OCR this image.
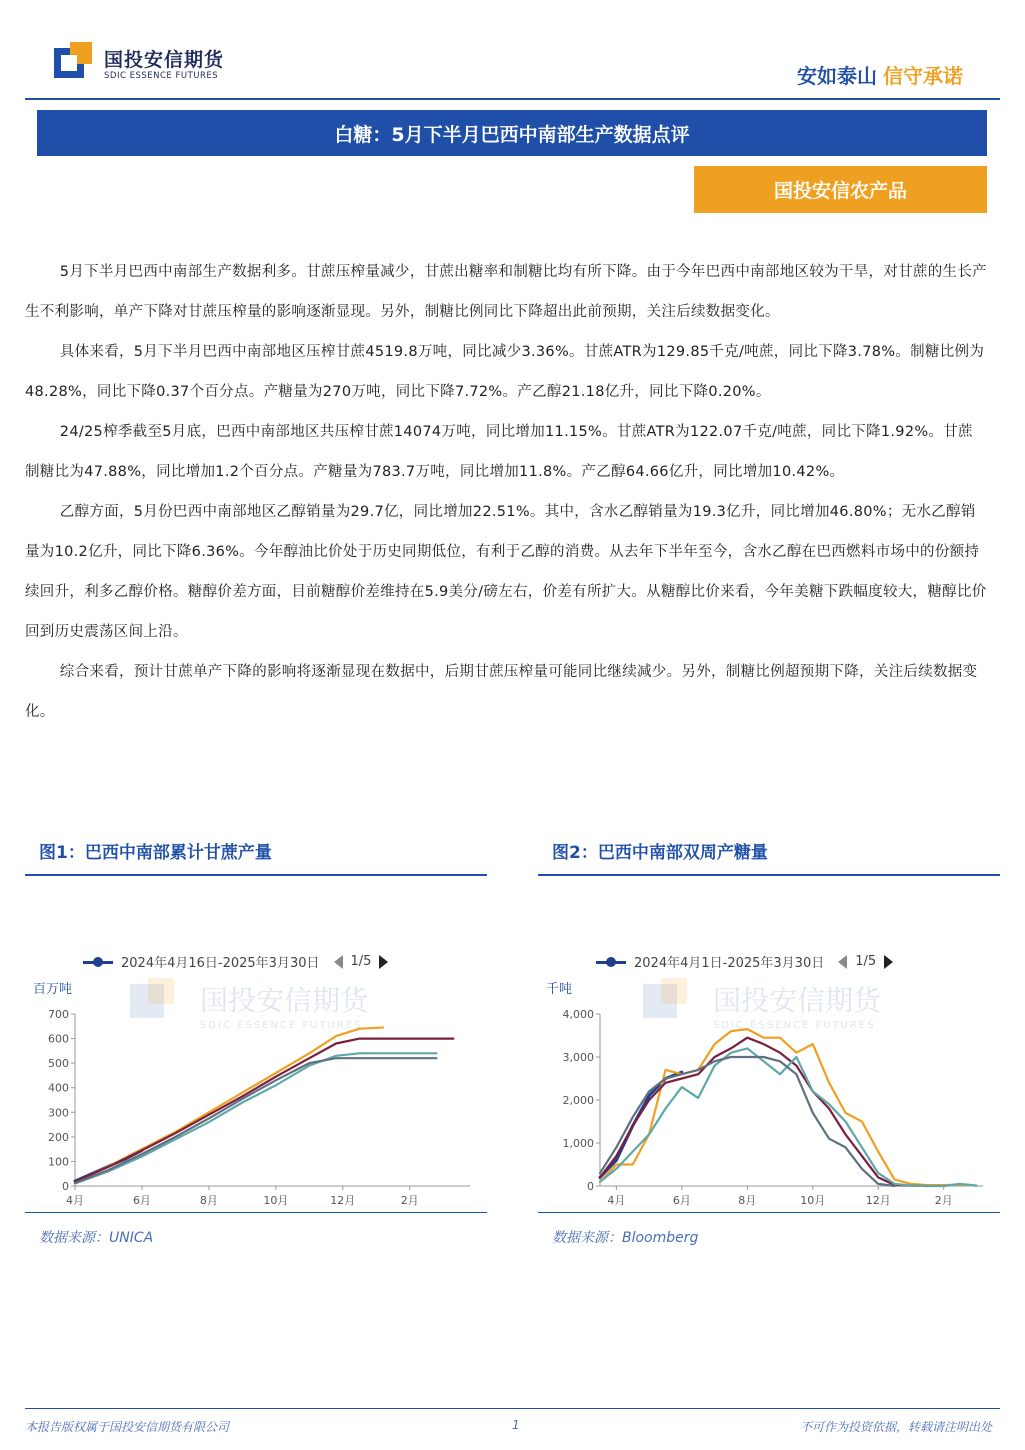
国投安信期货
SDIC ESSENCE FUTURES	安如泰山 信守承诺
白糖：5月下半月巴西中南部生产数据点评
国投安信农产品

5月下半月巴西中南部生产数据利多。甘蔗压榨量减少，甘蔗出糖率和制糖比均有所下降。由于今年巴西中南部地区较为干旱，对甘蔗的生长产生不利影响，单产下降对甘蔗压榨量的影响逐渐显现。另外，制糖比例同比下降超出此前预期，关注后续数据变化。

具体来看，5月下半月巴西中南部地区压榨甘蔗4519.8万吨，同比减少3.36%。甘蔗ATR为129.85千克/吨蔗，同比下降3.78%。制糖比例为48.28%，同比下降0.37个百分点。产糖量为270万吨，同比下降7.72%。产乙醇21.18亿升，同比下降0.20%。

24/25榨季截至5月底，巴西中南部地区共压榨甘蔗14074万吨，同比增加11.15%。甘蔗ATR为122.07千克/吨蔗，同比下降1.92%。甘蔗制糖比为47.88%，同比增加1.2个百分点。产糖量为783.7万吨，同比增加11.8%。产乙醇64.66亿升，同比增加10.42%。

乙醇方面，5月份巴西中南部地区乙醇销量为29.7亿，同比增加22.51%。其中，含水乙醇销量为19.3亿升，同比增加46.80%；无水乙醇销量为10.2亿升，同比下降6.36%。今年醇油比价处于历史同期低位，有利于乙醇的消费。从去年下半年至今，含水乙醇在巴西燃料市场中的份额持续回升，利多乙醇价格。糖醇价差方面，目前糖醇价差维持在5.9美分/磅左右，价差有所扩大。从糖醇比价来看，今年美糖下跌幅度较大，糖醇比价回到历史震荡区间上沿。

综合来看，预计甘蔗单产下降的影响将逐渐显现在数据中，后期甘蔗压榨量可能同比继续减少。另外，制糖比例超预期下降，关注后续数据变化。

图1：巴西中南部累计甘蔗产量
国投安信期货
SDIC ESSENCE FUTURES
2024年4月16日-2025年3月30日 1/5
百万吨
0
100
200
300
400
500
600
700
4月	6月	8月	10月	12月	2月
数据来源：UNICA
图2：巴西中南部双周产糖量
国投安信期货
SDIC ESSENCE FUTURES
2024年4月1日-2025年3月30日 1/5
千吨
0
1,000
2,000
3,000
4,000
4月	6月	8月	10月	12月	2月
数据来源：Bloomberg
本报告版权属于国投安信期货有限公司	1	不可作为投资依据，转载请注明出处
